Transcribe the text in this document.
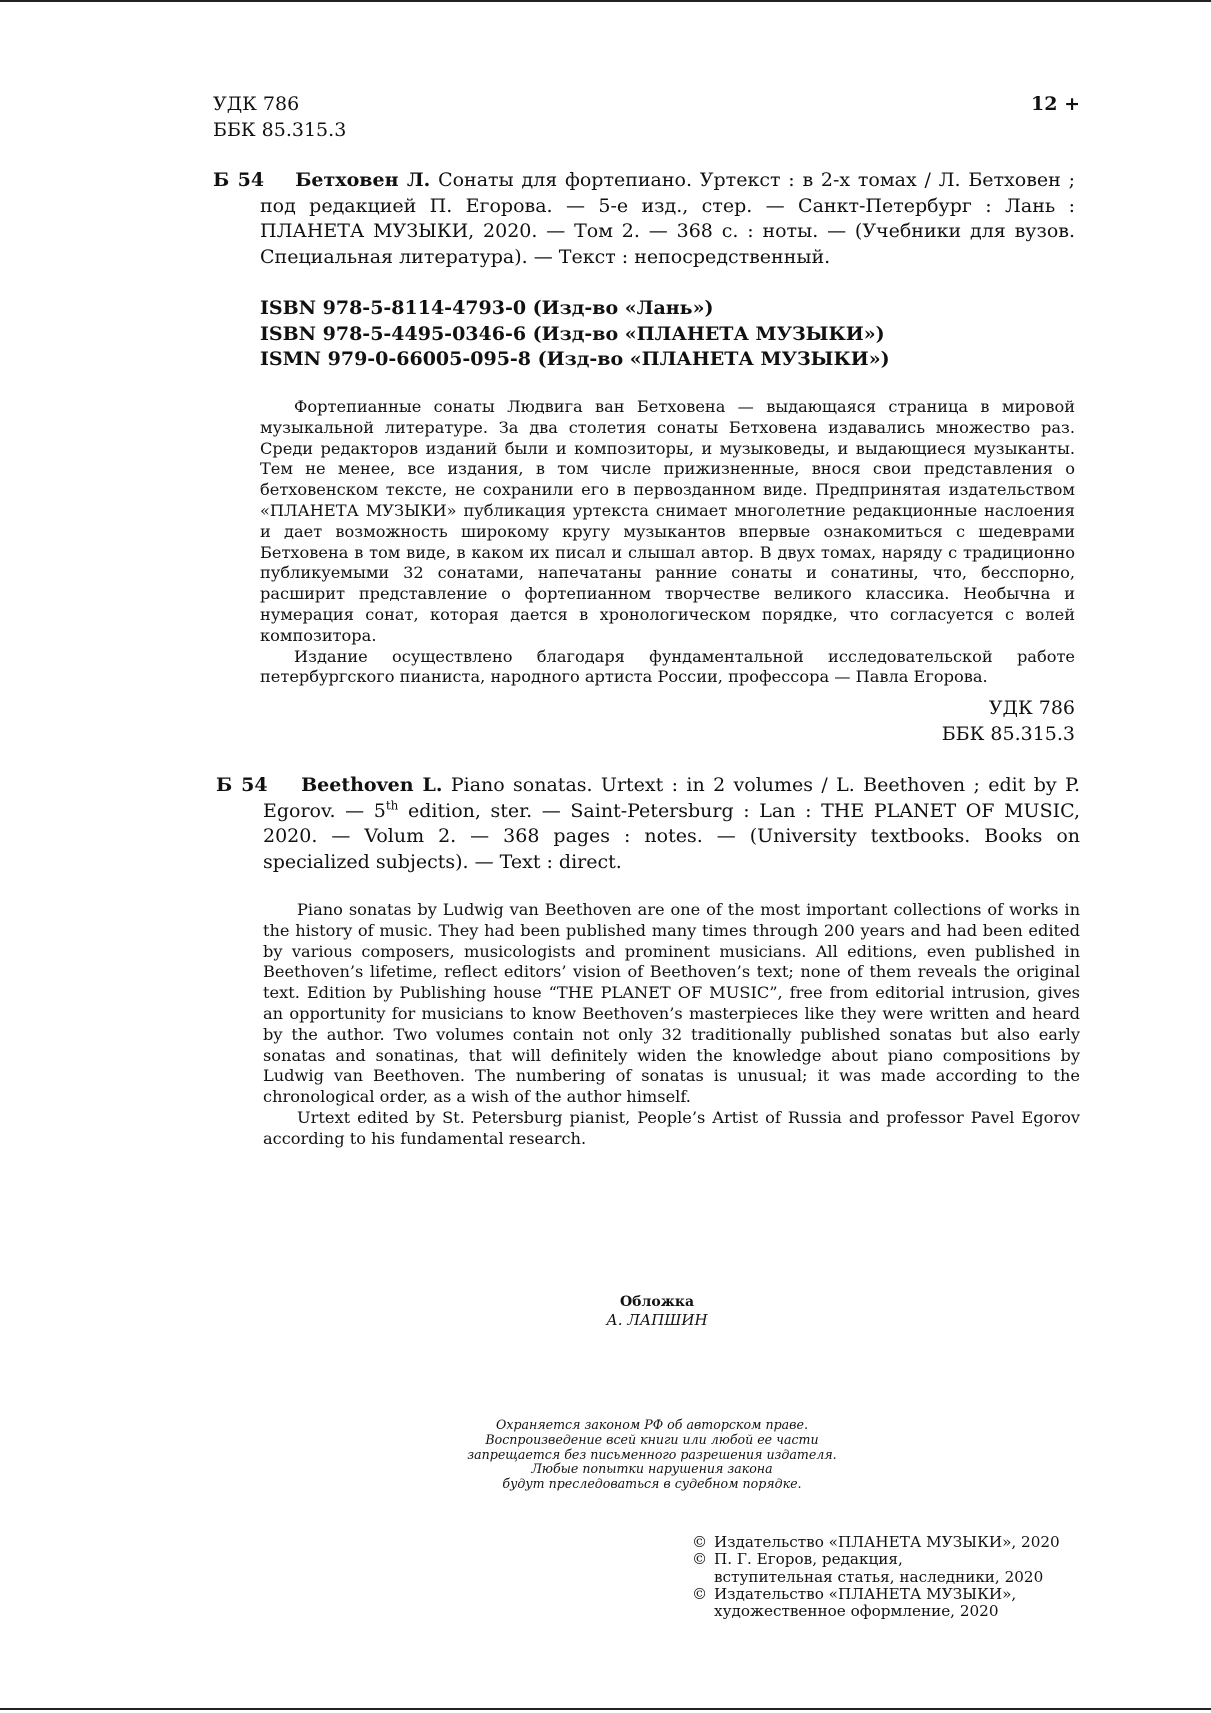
УДК 786	12 +
ББК 85.315.3
Б 54 Бетховен Л. Сонаты для фортепиано. Уртекст : в 2-х томах / Л. Бетховен ; под редакцией П. Егорова. — 5-е изд., стер. — Санкт-Петербург : Лань : ПЛАНЕТА МУЗЫКИ, 2020. — Том 2. — 368 с. : ноты. — (Учебники для вузов. Специальная литература). — Текст : непосредственный.
ISBN 978-5-8114-4793-0 (Изд-во «Лань»)
ISBN 978-5-4495-0346-6 (Изд-во «ПЛАНЕТА МУЗЫКИ»)
ISMN 979-0-66005-095-8 (Изд-во «ПЛАНЕТА МУЗЫКИ»)
Фортепианные сонаты Людвига ван Бетховена — выдающаяся страница в мировой музыкальной литературе. За два столетия сонаты Бетховена издавались множество раз. Среди редакторов изданий были и композиторы, и музыковеды, и выдающиеся музыканты. Тем не менее, все издания, в том числе прижизненные, внося свои представления о бетховенском тексте, не сохранили его в первозданном виде. Предпринятая издательством «ПЛАНЕТА МУЗЫКИ» публикация уртекста снимает многолетние редакционные наслоения и дает возможность широкому кругу музыкантов впервые ознакомиться с шедеврами Бетховена в том виде, в каком их писал и слышал автор. В двух томах, наряду с традиционно публикуемыми 32 сонатами, напечатаны ранние сонаты и сонатины, что, бесспорно, расширит представление о фортепианном творчестве великого классика. Необычна и нумерация сонат, которая дается в хронологическом порядке, что согласуется с волей композитора.
Издание осуществлено благодаря фундаментальной исследовательской работе петербургского пианиста, народного артиста России, профессора — Павла Егорова.
УДК 786
ББК 85.315.3
Б 54 Beethoven L. Piano sonatas. Urtext : in 2 volumes / L. Beethoven ; edit by P. Egorov. — 5th edition, ster. — Saint-Petersburg : Lan : THE PLANET OF MUSIC, 2020. — Volum 2. — 368 pages : notes. — (University textbooks. Books on specialized subjects). — Text : direct.
Piano sonatas by Ludwig van Beethoven are one of the most important collections of works in the history of music. They had been published many times through 200 years and had been edited by various composers, musicologists and prominent musicians. All editions, even published in Beethoven’s lifetime, reflect editors’ vision of Beethoven’s text; none of them reveals the original text. Edition by Publishing house “THE PLANET OF MUSIC”, free from editorial intrusion, gives an opportunity for musicians to know Beethoven’s masterpieces like they were written and heard by the author. Two volumes contain not only 32 traditionally published sonatas but also early sonatas and sonatinas, that will definitely widen the knowledge about piano compositions by Ludwig van Beethoven. The numbering of sonatas is unusual; it was made according to the chronological order, as a wish of the author himself.
Urtext edited by St. Petersburg pianist, People’s Artist of Russia and professor Pavel Egorov according to his fundamental research.
Обложка
А. ЛАПШИН
Охраняется законом РФ об авторском праве.
Воспроизведение всей книги или любой ее части
запрещается без письменного разрешения издателя.
Любые попытки нарушения закона
будут преследоваться в судебном порядке.
© Издательство «ПЛАНЕТА МУЗЫКИ», 2020
© П. Г. Егоров, редакция,
вступительная статья, наследники, 2020
© Издательство «ПЛАНЕТА МУЗЫКИ»,
художественное оформление, 2020
